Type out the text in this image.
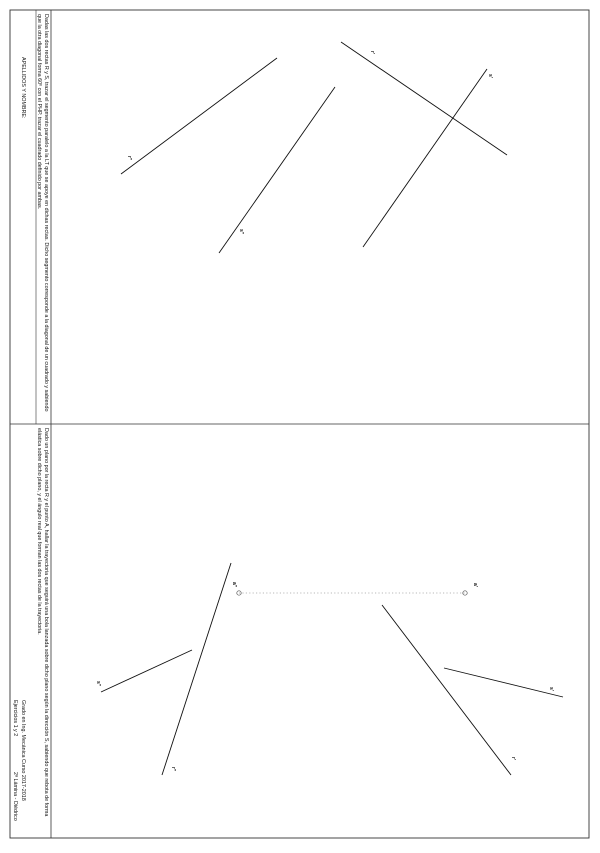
r''
s''
r'
s'
a''	a'
s''
s'
r''
r'
APELLIDOS Y NOMBRE:	Dadas las dos rectas R y S, trazar el segmento paralelo a la LT que se apoye en dichas rectas. Dicho segmento corresponde a la diagonal de un cuadrado y sabiendo que la otra diagonal forma 60º con el PHP. trazar el cuadrado definido por ambas.
Dado un plano por la recta R y el punto A, hallar la trayectoria que seguirá una bola lanzada sobre dicho plano según la dirección S, sabiendo que rebota de forma elástica sobre dicho plano, y el ángulo real que forman las dos rectas de la trayectoria.
Grado en Ing. Mecánica Curso 2017-2018
2ª Lámina - Diédrico
Ejercicios 1 y 2
